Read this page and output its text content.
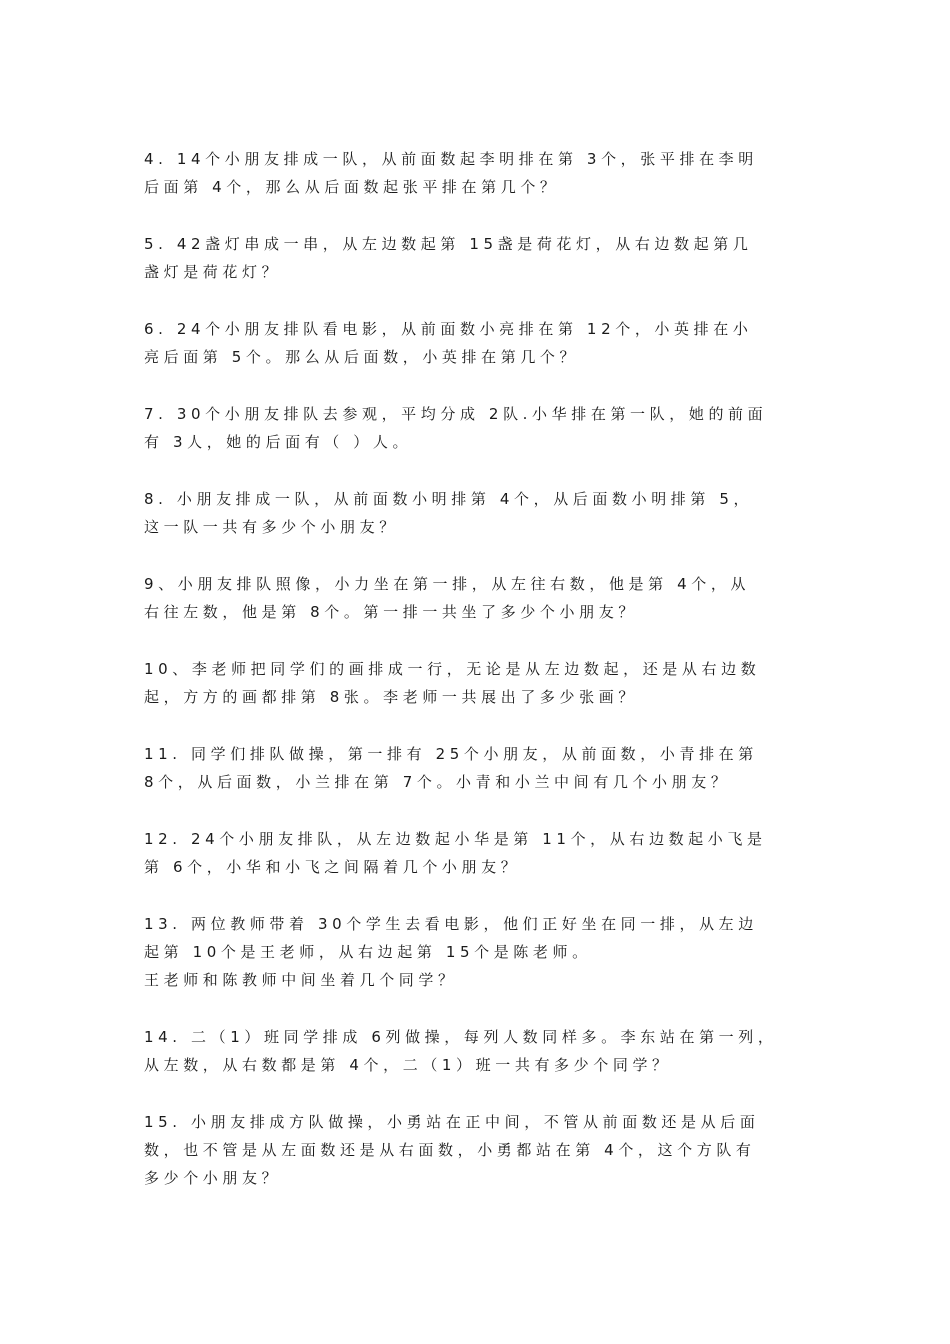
4. 14个小朋友排成一队，从前面数起李明排在第 3个，张平排在李明
后面第 4个，那么从后面数起张平排在第几个？
5. 42盏灯串成一串，从左边数起第 15盏是荷花灯，从右边数起第几
盏灯是荷花灯？
6. 24个小朋友排队看电影，从前面数小亮排在第 12个，小英排在小
亮后面第 5个。那么从后面数，小英排在第几个？
7. 30个小朋友排队去参观，平均分成 2队.小华排在第一队，她的前面
有 3人，她的后面有（ ）人。
8. 小朋友排成一队，从前面数小明排第 4个，从后面数小明排第 5，
这一队一共有多少个小朋友？
9、小朋友排队照像，小力坐在第一排，从左往右数，他是第 4个，从
右往左数，他是第 8个。第一排一共坐了多少个小朋友？
10、李老师把同学们的画排成一行，无论是从左边数起，还是从右边数
起，方方的画都排第 8张。李老师一共展出了多少张画？
11. 同学们排队做操，第一排有 25个小朋友，从前面数，小青排在第
8个，从后面数，小兰排在第 7个。小青和小兰中间有几个小朋友？
12. 24个小朋友排队，从左边数起小华是第 11个，从右边数起小飞是
第 6个，小华和小飞之间隔着几个小朋友？
13. 两位教师带着 30个学生去看电影，他们正好坐在同一排，从左边
起第 10个是王老师，从右边起第 15个是陈老师。
王老师和陈教师中间坐着几个同学？
14. 二（1）班同学排成 6列做操，每列人数同样多。李东站在第一列，
从左数，从右数都是第 4个，二（1）班一共有多少个同学？
15. 小朋友排成方队做操，小勇站在正中间，不管从前面数还是从后面
数，也不管是从左面数还是从右面数，小勇都站在第 4个，这个方队有
多少个小朋友？
